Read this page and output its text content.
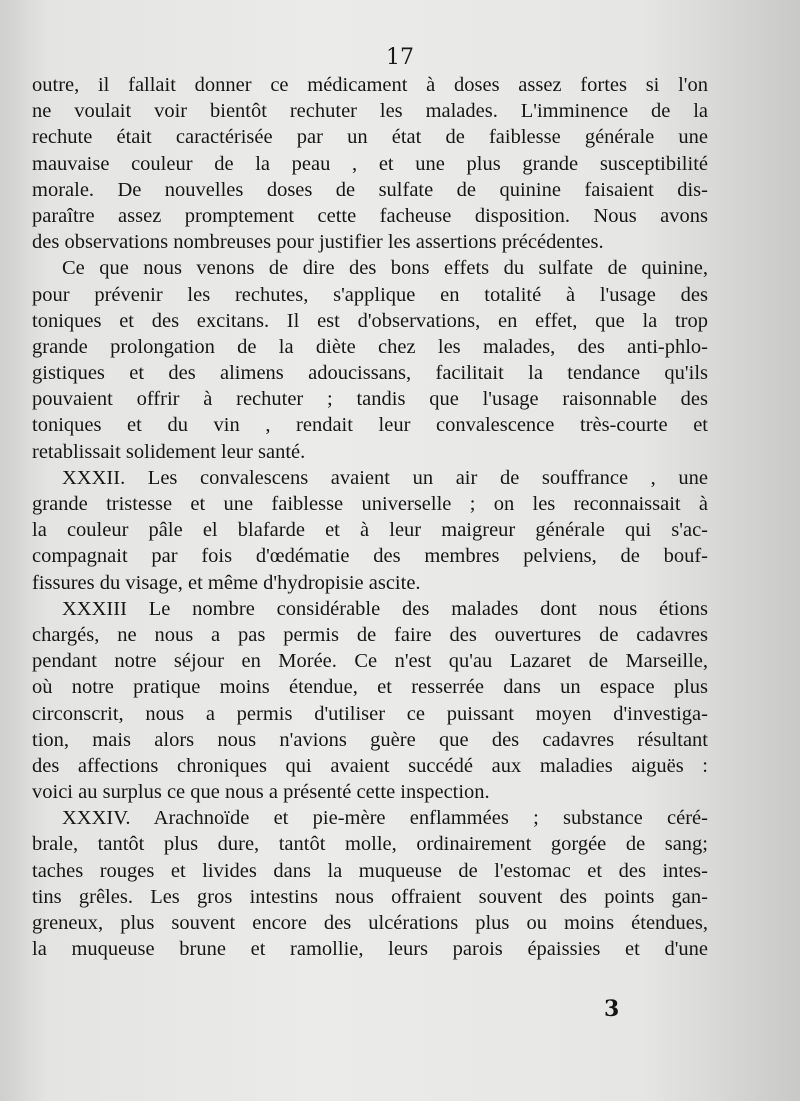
17
outre, il fallait donner ce médicament à doses assez fortes si l'on
ne voulait voir bientôt rechuter les malades. L'imminence de la
rechute était caractérisée par un état de faiblesse générale une
mauvaise couleur de la peau , et une plus grande susceptibilité
morale. De nouvelles doses de sulfate de quinine faisaient dis-
paraître assez promptement cette facheuse disposition. Nous avons
des observations nombreuses pour justifier les assertions précédentes.
Ce que nous venons de dire des bons effets du sulfate de quinine,
pour prévenir les rechutes, s'applique en totalité à l'usage des
toniques et des excitans. Il est d'observations, en effet, que la trop
grande prolongation de la diète chez les malades, des anti-phlo-
gistiques et des alimens adoucissans, facilitait la tendance qu'ils
pouvaient offrir à rechuter ; tandis que l'usage raisonnable des
toniques et du vin , rendait leur convalescence très-courte et
retablissait solidement leur santé.
XXXII. Les convalescens avaient un air de souffrance , une
grande tristesse et une faiblesse universelle ; on les reconnaissait à
la couleur pâle el blafarde et à leur maigreur générale qui s'ac-
compagnait par fois d'œdématie des membres pelviens, de bouf-
fissures du visage, et même d'hydropisie ascite.
XXXIII Le nombre considérable des malades dont nous étions
chargés, ne nous a pas permis de faire des ouvertures de cadavres
pendant notre séjour en Morée. Ce n'est qu'au Lazaret de Marseille,
où notre pratique moins étendue, et resserrée dans un espace plus
circonscrit, nous a permis d'utiliser ce puissant moyen d'investiga-
tion, mais alors nous n'avions guère que des cadavres résultant
des affections chroniques qui avaient succédé aux maladies aiguës :
voici au surplus ce que nous a présenté cette inspection.
XXXIV. Arachnoïde et pie-mère enflammées ; substance céré-
brale, tantôt plus dure, tantôt molle, ordinairement gorgée de sang;
taches rouges et livides dans la muqueuse de l'estomac et des intes-
tins grêles. Les gros intestins nous offraient souvent des points gan-
greneux, plus souvent encore des ulcérations plus ou moins étendues,
la muqueuse brune et ramollie, leurs parois épaissies et d'une
3
